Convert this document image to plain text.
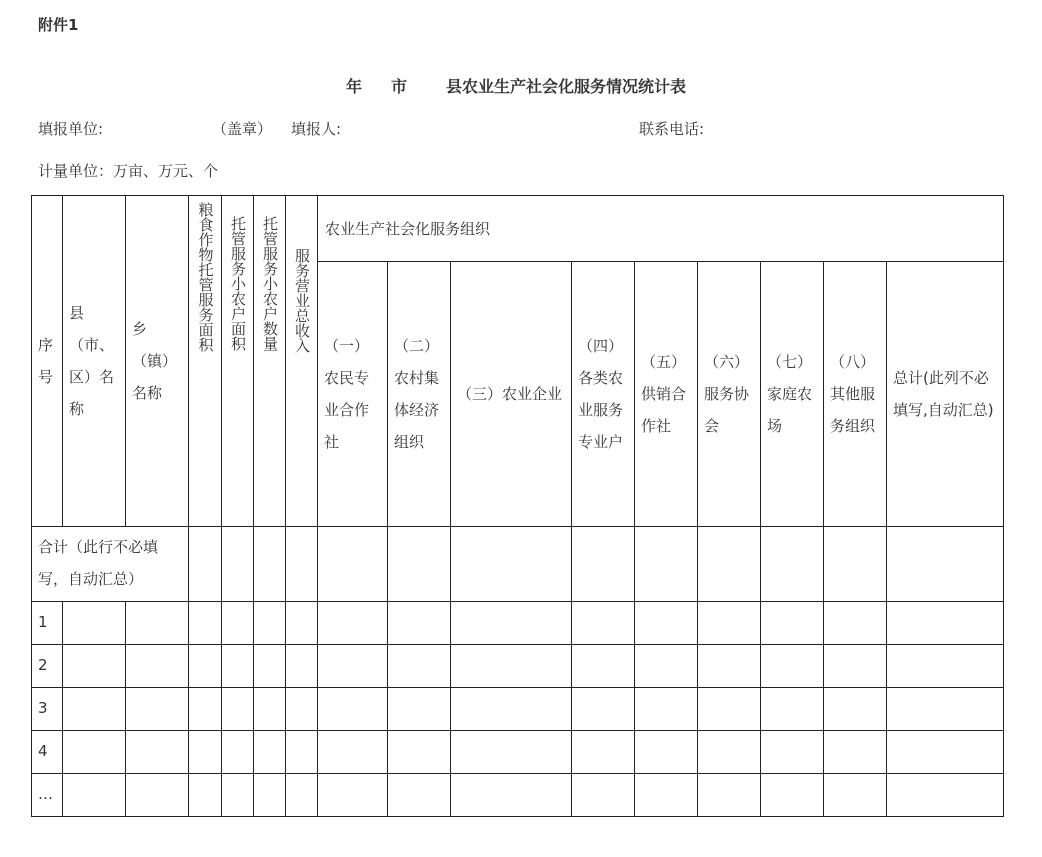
附件1
年 市 县农业生产社会化服务情况统计表
填报单位:	（盖章） 填报人:	联系电话:
计量单位：万亩、万元、个
序号	县（市、区）名称	乡（镇）名称	粮食作物托管服务面积	托管服务小农户面积	托管服务小农户数量	服务营业总收入	农业生产社会化服务组织								

							（一）农民专业合作社	（二）农村集体经济组织	（三）农业企业	（四）各类农业服务专业户	（五）供销合作社	（六）服务协会	（七）家庭农场	（八）其他服务组织	总计(此列不必填写,自动汇总)

合计（此行不必填写，自动汇总）															

1															
2															
3															
4															
…															
